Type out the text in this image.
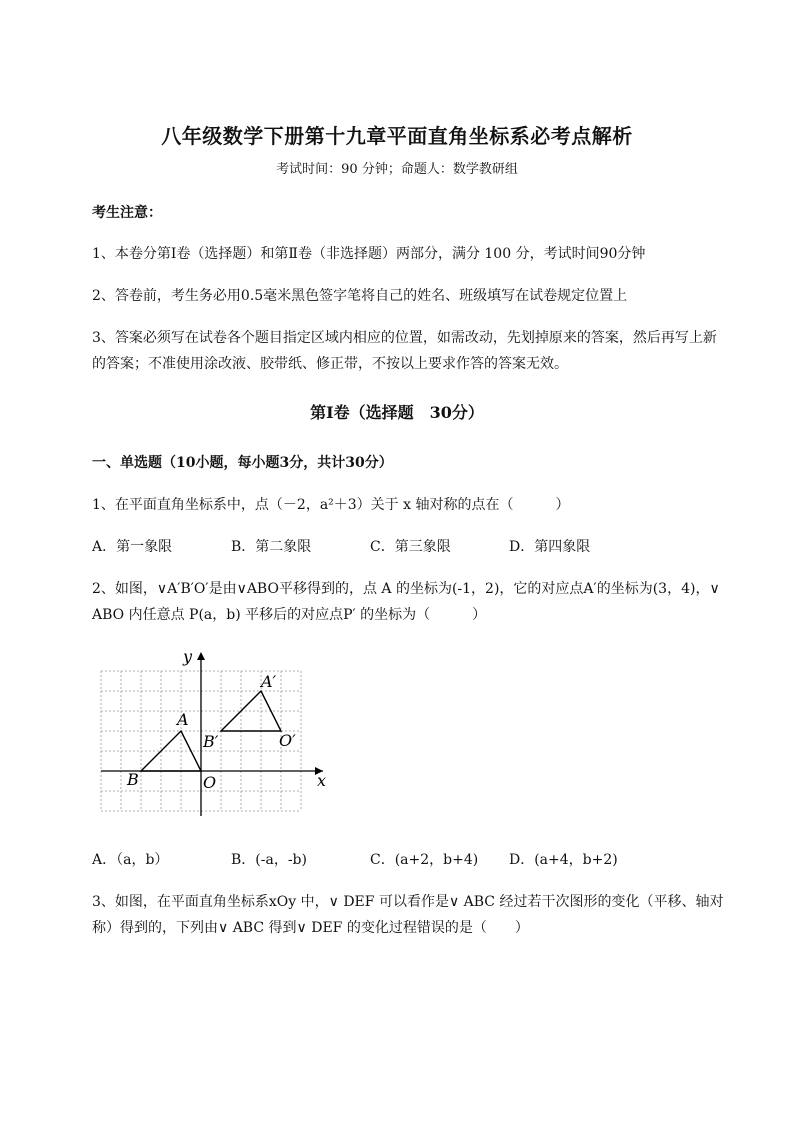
八年级数学下册第十九章平面直角坐标系必考点解析
考试时间：90 分钟；命题人：数学教研组
考生注意：
1、本卷分第Ⅰ卷（选择题）和第Ⅱ卷（非选择题）两部分，满分 100 分，考试时间90分钟
2、答卷前，考生务必用0.5毫米黑色签字笔将自己的姓名、班级填写在试卷规定位置上
3、答案必须写在试卷各个题目指定区域内相应的位置，如需改动，先划掉原来的答案，然后再写上新
的答案；不准使用涂改液、胶带纸、修正带，不按以上要求作答的答案无效。
第Ⅰ卷（选择题　30分）
一、单选题（10小题，每小题3分，共计30分）
1、在平面直角坐标系中，点（－2，a²＋3）关于 x 轴对称的点在（　　　）
A．第一象限	B．第二象限	C．第三象限	D．第四象限
2、如图，∨A′B′O′是由∨ABO平移得到的，点 A 的坐标为(-1，2)，它的对应点A′的坐标为(3，4)，∨
ABO 内任意点 P(a，b) 平移后的对应点P′ 的坐标为（　　　）
y
x
O
A
B
A′
B′	O′
A．（a，b）	B．(-a，-b)	C．(a+2，b+4) D．(a+4，b+2)
3、如图，在平面直角坐标系xOy 中，∨ DEF 可以看作是∨ ABC 经过若干次图形的变化（平移、轴对
称）得到的，下列由∨ ABC 得到∨ DEF 的变化过程错误的是（　　）
